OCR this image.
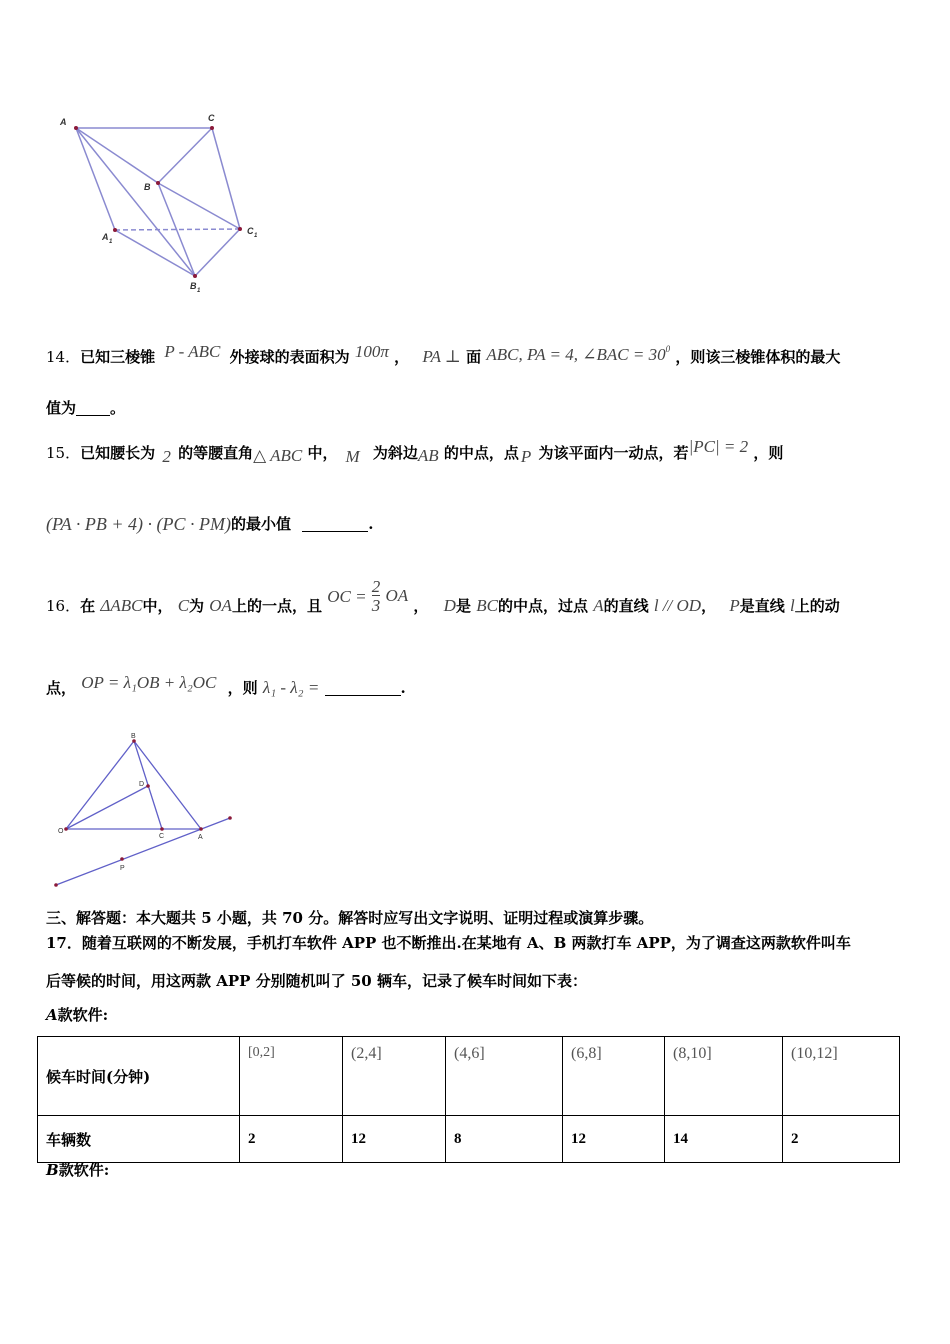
A	C
B
A 1
C 1
B 1
14．已知三棱锥 P - ABC 外接球的表面积为 100π ， PA ⊥ 面 ABC, PA = 4, ∠BAC = $30^0$ ，则该三棱锥体积的最大
值为 。
15．已知腰长为 2 的等腰直角△ ABC 中， M 为斜边AB 的中点，点 P 为该平面内一动点，若|PC| = 2 ，则
(PA · PB + 4) · (PC · PM)的最小值	.
16．在 ΔABC中， C为 OA上的一点，且 OC = $\frac{2}{3}$ OA ， D是 BC的中点，过点 A的直线 l // OD， P是直线 l上的动
点， OP = λ₁OB + λ₂OC ，则 λ₁ - λ₂ =	.
B
D
O
C	A
P
三、解答题：本大题共 5 小题，共 70 分。解答时应写出文字说明、证明过程或演算步骤。
17．随着互联网的不断发展，手机打车软件 APP 也不断推出.在某地有 A、B 两款打车 APP，为了调查这两款软件叫车
后等候的时间，用这两款 APP 分别随机叫了 50 辆车，记录了候车时间如下表：
A款软件:
候车时间(分钟)	[0,2]	(2,4]	(4,6]	(6,8]	(8,10]	(10,12]
车辆数	2	12	8	12	14	2
B款软件:
